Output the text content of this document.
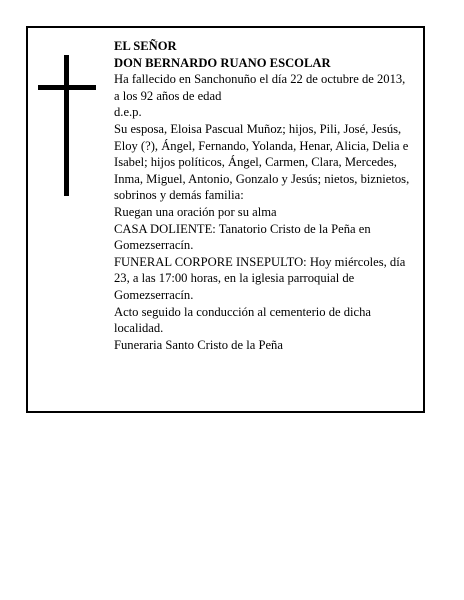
EL SEÑOR

DON BERNARDO RUANO ESCOLAR

Ha fallecido en Sanchonuño el día 22 de octubre de 2013, a los 92 años de edad

d.e.p.

Su esposa, Eloisa Pascual Muñoz; hijos, Pili, José, Jesús, Eloy (?), Ángel, Fernando, Yolanda, Henar, Alicia, Delia e Isabel; hijos políticos, Ángel, Carmen, Clara, Mercedes, Inma, Miguel, Antonio, Gonzalo y Jesús; nietos, biznietos, sobrinos y demás familia:

Ruegan una oración por su alma

CASA DOLIENTE: Tanatorio Cristo de la Peña en Gomezserracín.

FUNERAL CORPORE INSEPULTO: Hoy miércoles, día 23, a las 17:00 horas, en la iglesia parroquial de Gomezserracín.

Acto seguido la conducción al cementerio de dicha localidad.

Funeraria Santo Cristo de la Peña
